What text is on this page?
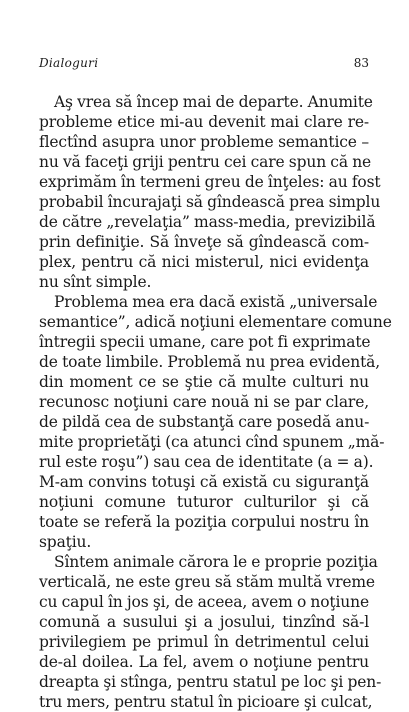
Dialoguri	83
Aş vrea să încep mai de departe. Anumite
probleme etice mi-au devenit mai clare re-
flectînd asupra unor probleme semantice –
nu vă faceţi griji pentru cei care spun că ne
exprimăm în termeni greu de înţeles: au fost
probabil încurajaţi să gîndească prea simplu
de către „revelaţia” mass-media, previzibilă
prin definiţie. Să înveţe să gîndească com-
plex, pentru că nici misterul, nici evidenţa
nu sînt simple.
Problema mea era dacă există „universale
semantice”, adică noţiuni elementare comune
întregii specii umane, care pot fi exprimate
de toate limbile. Problemă nu prea evidentă,
din moment ce se ştie că multe culturi nu
recunosc noţiuni care nouă ni se par clare,
de pildă cea de substanţă care posedă anu-
mite proprietăţi (ca atunci cînd spunem „mă-
rul este roşu”) sau cea de identitate (a = a).
M-am convins totuşi că există cu siguranţă
noţiuni comune tuturor culturilor şi că
toate se referă la poziţia corpului nostru în
spaţiu.
Sîntem animale cărora le e proprie poziţia
verticală, ne este greu să stăm multă vreme
cu capul în jos şi, de aceea, avem o noţiune
comună a susului şi a josului, tinzînd să-l
privilegiem pe primul în detrimentul celui
de-al doilea. La fel, avem o noţiune pentru
dreapta şi stînga, pentru statul pe loc şi pen-
tru mers, pentru statul în picioare şi culcat,
